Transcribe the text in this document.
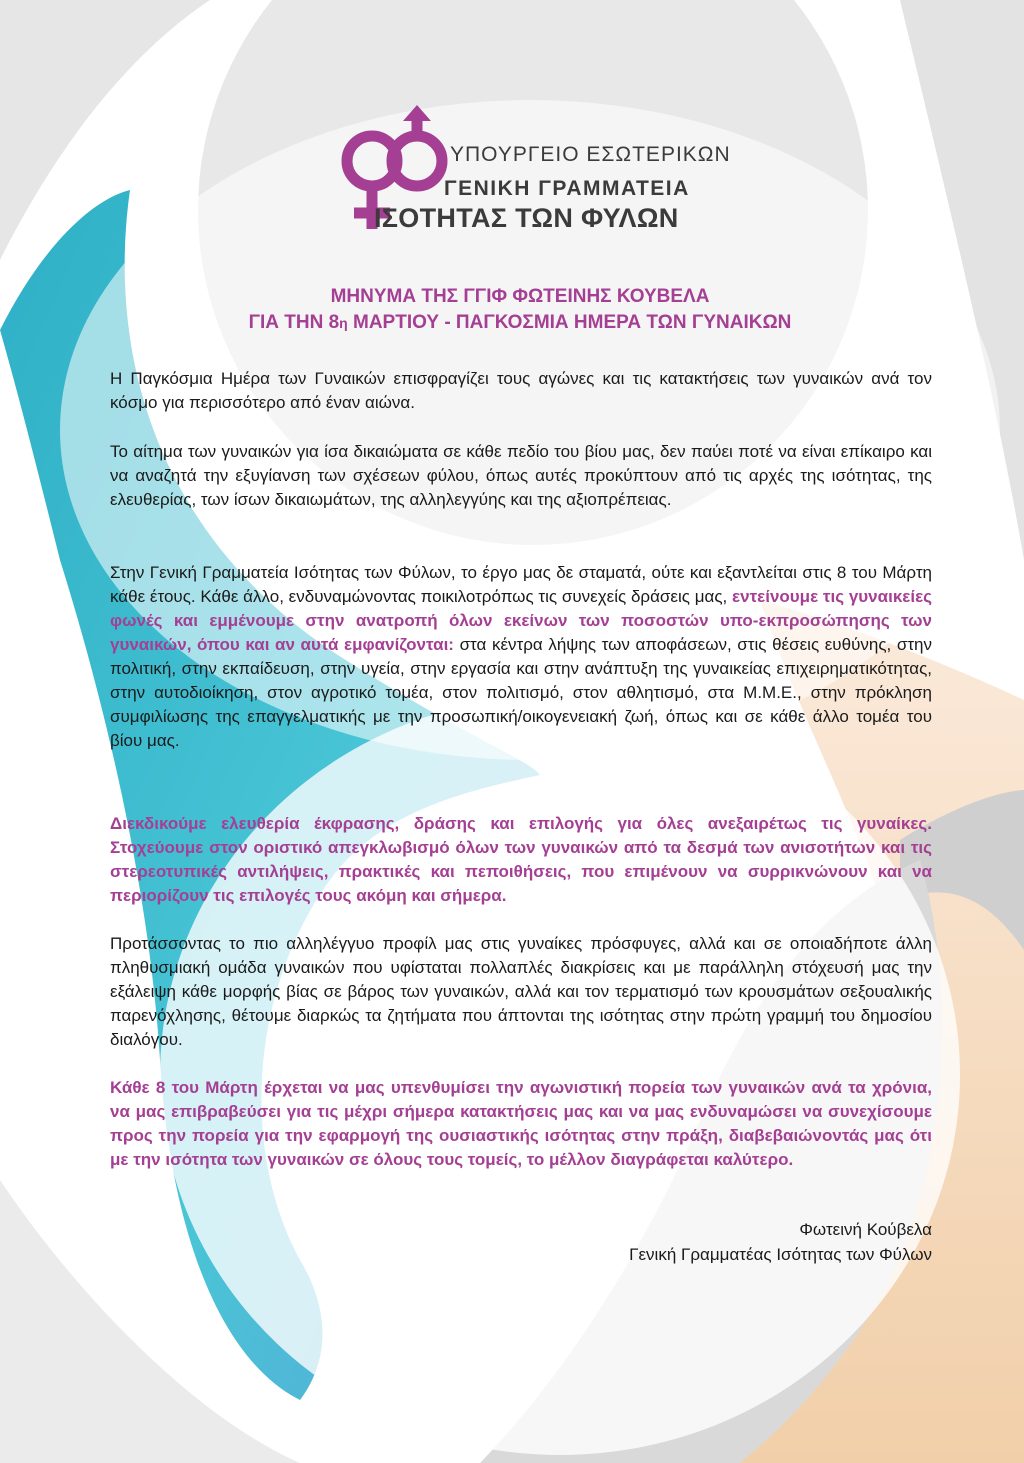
ΥΠΟΥΡΓΕΙΟ ΕΣΩΤΕΡΙΚΩΝ
ΓΕΝΙΚΗ ΓΡΑΜΜΑΤΕΙΑ
ΙΣΟΤΗΤΑΣ ΤΩΝ ΦΥΛΩΝ
ΜΗΝΥΜΑ ΤΗΣ ΓΓΙΦ ΦΩΤΕΙΝΗΣ ΚΟΥΒΕΛΑ
ΓΙΑ ΤΗΝ 8η ΜΑΡΤΙΟΥ - ΠΑΓΚΟΣΜΙΑ ΗΜΕΡΑ ΤΩΝ ΓΥΝΑΙΚΩΝ

Η Παγκόσμια Ημέρα των Γυναικών επισφραγίζει τους αγώνες και τις κατακτήσεις των γυναικών ανά τον κόσμο για περισσότερο από έναν αιώνα.

Το αίτημα των γυναικών για ίσα δικαιώματα σε κάθε πεδίο του βίου μας, δεν παύει ποτέ να είναι επίκαιρο και να αναζητά την εξυγίανση των σχέσεων φύλου, όπως αυτές προκύπτουν από τις αρχές της ισότητας, της ελευθερίας, των ίσων δικαιωμάτων, της αλληλεγγύης και της αξιοπρέπειας.

Στην Γενική Γραμματεία Ισότητας των Φύλων, το έργο μας δε σταματά, ούτε και εξαντλείται στις 8 του Μάρτη κάθε έτους. Κάθε άλλο, ενδυναμώνοντας ποικιλοτρόπως τις συνεχείς δράσεις μας, εντείνουμε τις γυναικείες φωνές και εμμένουμε στην ανατροπή όλων εκείνων των ποσοστών υπο-εκπροσώπησης των γυναικών, όπου και αν αυτά εμφανίζονται: στα κέντρα λήψης των αποφάσεων, στις θέσεις ευθύνης, στην πολιτική, στην εκπαίδευση, στην υγεία, στην εργασία και στην ανάπτυξη της γυναικείας επιχειρηματικότητας, στην αυτοδιοίκηση, στον αγροτικό τομέα, στον πολιτισμό, στον αθλητισμό, στα Μ.Μ.Ε., στην πρόκληση συμφιλίωσης της επαγγελματικής με την προσωπική/οικογενειακή ζωή, όπως και σε κάθε άλλο τομέα του βίου μας.

Διεκδικούμε ελευθερία έκφρασης, δράσης και επιλογής για όλες ανεξαιρέτως τις γυναίκες. Στοχεύουμε στον οριστικό απεγκλωβισμό όλων των γυναικών από τα δεσμά των ανισοτήτων και τις στερεοτυπικές αντιλήψεις, πρακτικές και πεποιθήσεις, που επιμένουν να συρρικνώνουν και να περιορίζουν τις επιλογές τους ακόμη και σήμερα.

Προτάσσοντας το πιο αλληλέγγυο προφίλ μας στις γυναίκες πρόσφυγες, αλλά και σε οποιαδήποτε άλλη πληθυσμιακή ομάδα γυναικών που υφίσταται πολλαπλές διακρίσεις και με παράλληλη στόχευσή μας την εξάλειψη κάθε μορφής βίας σε βάρος των γυναικών, αλλά και τον τερματισμό των κρουσμάτων σεξουαλικής παρενόχλησης, θέτουμε διαρκώς τα ζητήματα που άπτονται της ισότητας στην πρώτη γραμμή του δημοσίου διαλόγου.

Κάθε 8 του Μάρτη έρχεται να μας υπενθυμίσει την αγωνιστική πορεία των γυναικών ανά τα χρόνια, να μας επιβραβεύσει για τις μέχρι σήμερα κατακτήσεις μας και να μας ενδυναμώσει να συνεχίσουμε προς την πορεία για την εφαρμογή της ουσιαστικής ισότητας στην πράξη, διαβεβαιώνοντάς μας ότι με την ισότητα των γυναικών σε όλους τους τομείς, το μέλλον διαγράφεται καλύτερο.

Φωτεινή Κούβελα
Γενική Γραμματέας Ισότητας των Φύλων
